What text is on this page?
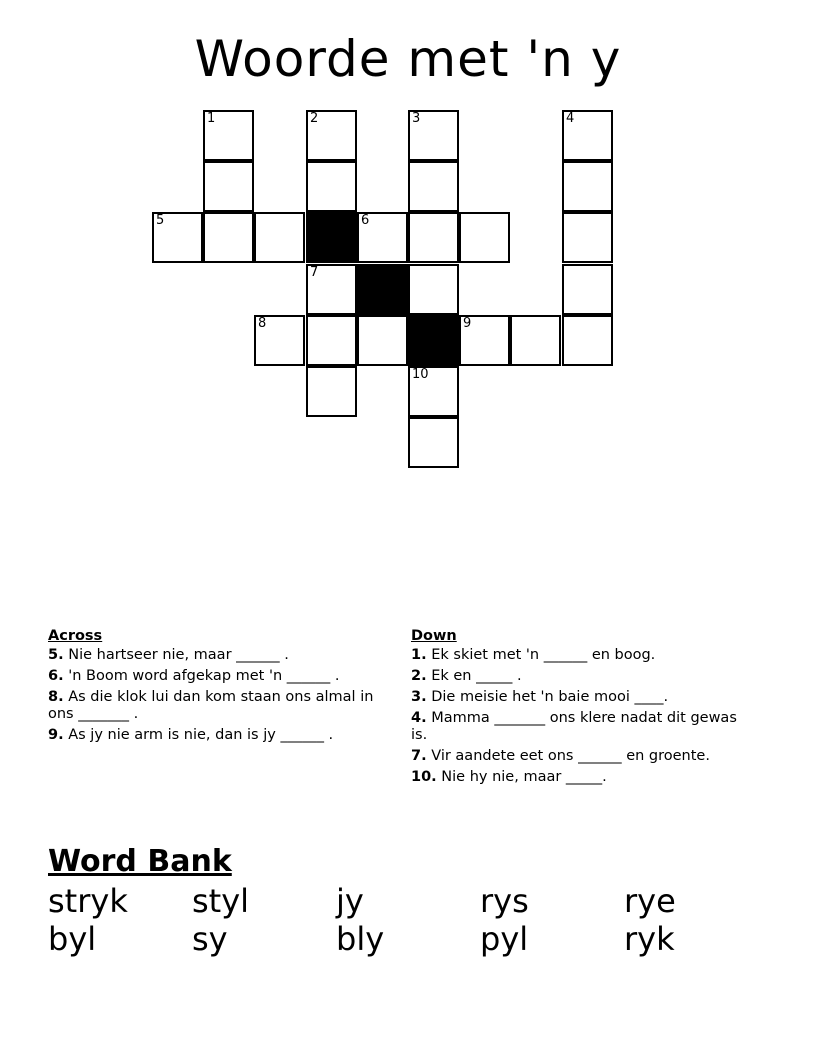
Woorde met 'n y
1	2	3	4
5	6
7
8	9
10
Across
5. Nie hartseer nie, maar ______ .
6. 'n Boom word afgekap met 'n ______ .
8. As die klok lui dan kom staan ons almal in ons _______ .
9. As jy nie arm is nie, dan is jy ______ .
Down
1. Ek skiet met 'n ______ en boog.
2. Ek en _____ .
3. Die meisie het 'n baie mooi ____.
4. Mamma _______ ons klere nadat dit gewas is.
7. Vir aandete eet ons ______ en groente.
10. Nie hy nie, maar _____.
Word Bank
stryk styl	jy	rys	rye
byl	sy	bly	pyl	ryk
